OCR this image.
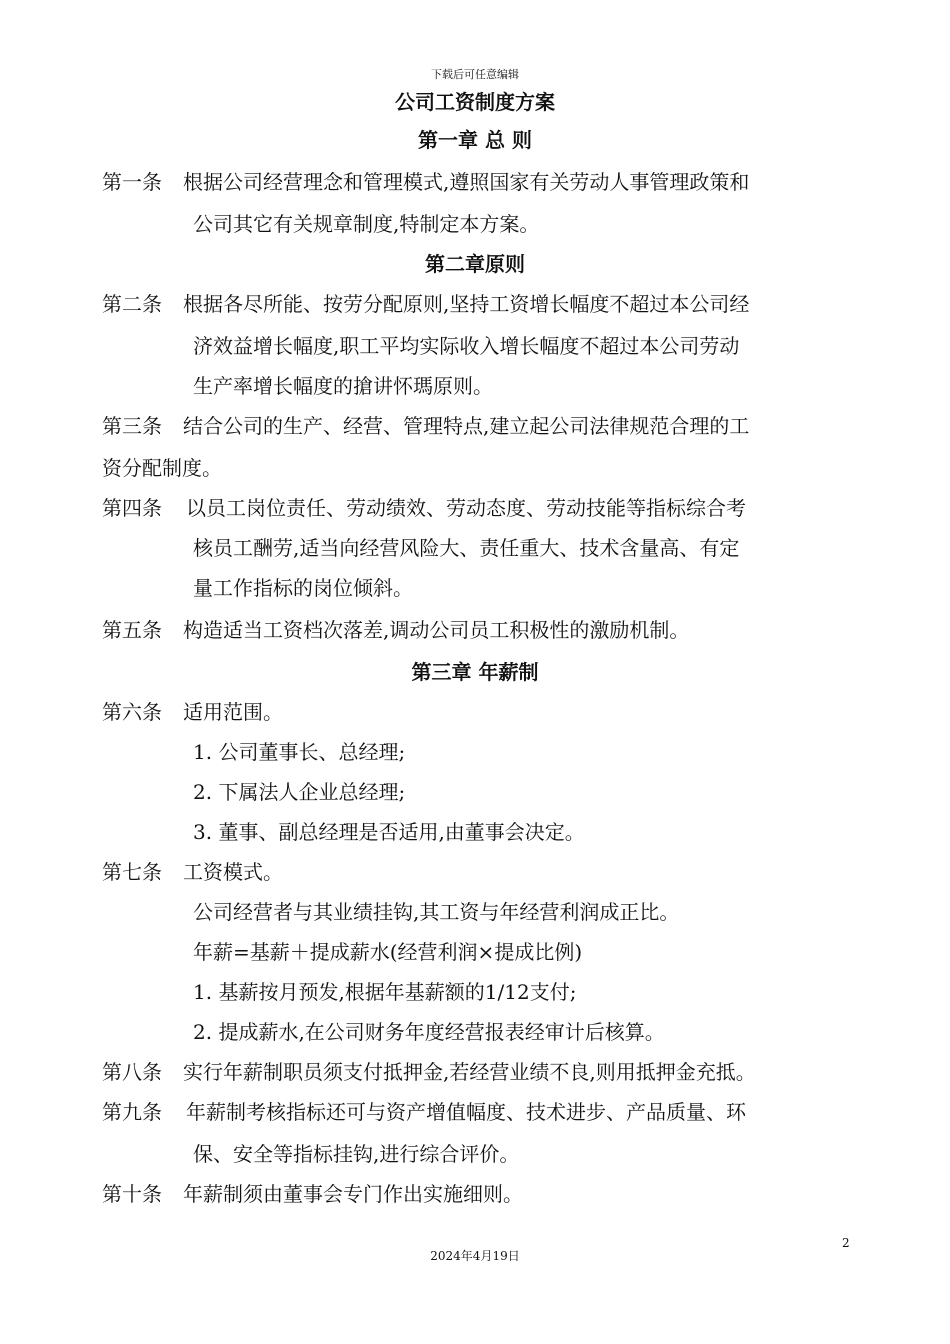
下载后可任意编辑
公司工资制度方案
第一章 总 则
第一条 根据公司经营理念和管理模式,遵照国家有关劳动人事管理政策和
公司其它有关规章制度,特制定本方案。
第二章原则
第二条 根据各尽所能、按劳分配原则,坚持工资增长幅度不超过本公司经
济效益增长幅度,职工平均实际收入增长幅度不超过本公司劳动
生产率增长幅度的搶讲怀瑪原则。
第三条 结合公司的生产、经营、管理特点,建立起公司法律规范合理的工
资分配制度。
第四条 以员工岗位责任、劳动绩效、劳动态度、劳动技能等指标综合考
核员工酬劳,适当向经营风险大、责任重大、技术含量高、有定
量工作指标的岗位倾斜。
第五条 构造适当工资档次落差,调动公司员工积极性的激励机制。
第三章 年薪制
第六条 适用范围。
1. 公司董事长、总经理;
2. 下属法人企业总经理;
3. 董事、副总经理是否适用,由董事会决定。
第七条 工资模式。
公司经营者与其业绩挂钩,其工资与年经营利润成正比。
年薪=基薪＋提成薪水(经营利润×提成比例)
1. 基薪按月预发,根据年基薪额的1/12支付;
2. 提成薪水,在公司财务年度经营报表经审计后核算。
第八条 实行年薪制职员须支付抵押金,若经营业绩不良,则用抵押金充抵。
第九条 年薪制考核指标还可与资产增值幅度、技术进步、产品质量、环
保、安全等指标挂钩,进行综合评价。
第十条 年薪制须由董事会专门作出实施细则。
2
2024年4月19日
